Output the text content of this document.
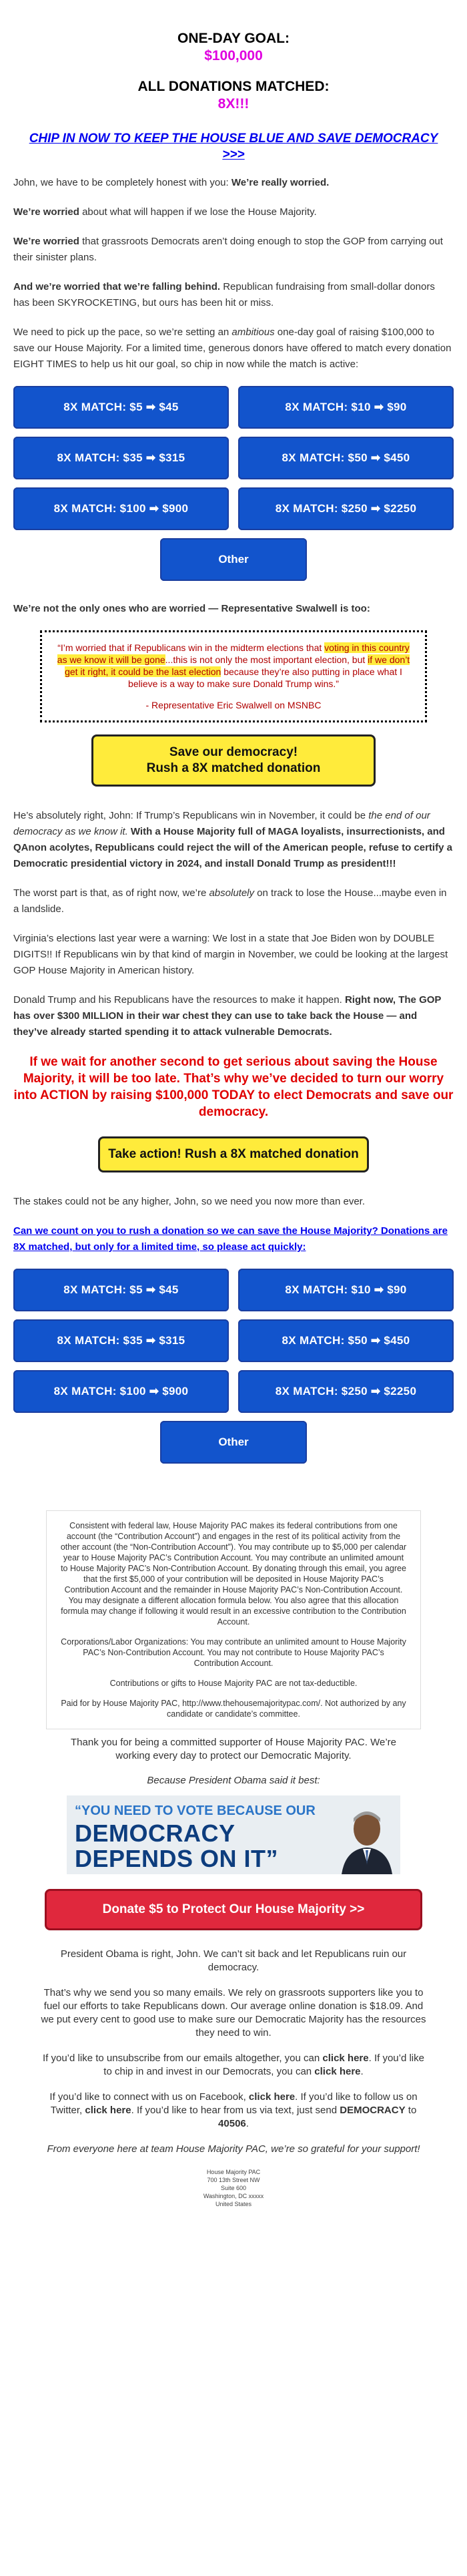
ONE-DAY GOAL:
$100,000
ALL DONATIONS MATCHED:
8X!!!
CHIP IN NOW TO KEEP THE HOUSE BLUE AND SAVE DEMOCRACY >>>

John, we have to be completely honest with you: We’re really worried.

We’re worried about what will happen if we lose the House Majority.

We’re worried that grassroots Democrats aren’t doing enough to stop the GOP from carrying out their sinister plans.

And we’re worried that we’re falling behind. Republican fundraising from small-dollar donors has been SKYROCKETING, but ours has been hit or miss.

We need to pick up the pace, so we’re setting an ambitious one-day goal of raising $100,000 to save our House Majority. For a limited time, generous donors have offered to match every donation EIGHT TIMES to help us hit our goal, so chip in now while the match is active:

8X MATCH: $5 ➡ $45	8X MATCH: $10 ➡ $90
8X MATCH: $35 ➡ $315	8X MATCH: $50 ➡ $450
8X MATCH: $100 ➡ $900	8X MATCH: $250 ➡ $2250
Other

We’re not the only ones who are worried — Representative Swalwell is too:

“I’m worried that if Republicans win in the midterm elections that voting in this country as we know it will be gone...this is not only the most important election, but if we don’t get it right, it could be the last election because they’re also putting in place what I believe is a way to make sure Donald Trump wins.”
- Representative Eric Swalwell on MSNBC
Save our democracy!
Rush a 8X matched donation

He’s absolutely right, John: If Trump’s Republicans win in November, it could be the end of our democracy as we know it. With a House Majority full of MAGA loyalists, insurrectionists, and QAnon acolytes, Republicans could reject the will of the American people, refuse to certify a Democratic presidential victory in 2024, and install Donald Trump as president!!!

The worst part is that, as of right now, we’re absolutely on track to lose the House...maybe even in a landslide.

Virginia’s elections last year were a warning: We lost in a state that Joe Biden won by DOUBLE DIGITS!! If Republicans win by that kind of margin in November, we could be looking at the largest GOP House Majority in American history.

Donald Trump and his Republicans have the resources to make it happen. Right now, The GOP has over $300 MILLION in their war chest they can use to take back the House — and they’ve already started spending it to attack vulnerable Democrats.

If we wait for another second to get serious about saving the House Majority, it will be too late. That’s why we’ve decided to turn our worry into ACTION by raising $100,000 TODAY to elect Democrats and save our democracy.
Take action! Rush a 8X matched donation

The stakes could not be any higher, John, so we need you now more than ever.

Can we count on you to rush a donation so we can save the House Majority? Donations are 8X matched, but only for a limited time, so please act quickly:

8X MATCH: $5 ➡ $45	8X MATCH: $10 ➡ $90
8X MATCH: $35 ➡ $315	8X MATCH: $50 ➡ $450
8X MATCH: $100 ➡ $900	8X MATCH: $250 ➡ $2250
Other

Consistent with federal law, House Majority PAC makes its federal contributions from one account (the “Contribution Account”) and engages in the rest of its political activity from the other account (the “Non-Contribution Account”). You may contribute up to $5,000 per calendar year to House Majority PAC’s Contribution Account. You may contribute an unlimited amount to House Majority PAC’s Non-Contribution Account. By donating through this email, you agree that the first $5,000 of your contribution will be deposited in House Majority PAC’s Contribution Account and the remainder in House Majority PAC’s Non-Contribution Account. You may designate a different allocation formula below. You also agree that this allocation formula may change if following it would result in an excessive contribution to the Contribution Account.

Corporations/Labor Organizations: You may contribute an unlimited amount to House Majority PAC’s Non-Contribution Account. You may not contribute to House Majority PAC’s Contribution Account.

Contributions or gifts to House Majority PAC are not tax-deductible.

Paid for by House Majority PAC, http://www.thehousemajoritypac.com/. Not authorized by any candidate or candidate’s committee.

Thank you for being a committed supporter of House Majority PAC. We’re working every day to protect our Democratic Majority.
Because President Obama said it best:
“YOU NEED TO VOTE BECAUSE OUR
DEMOCRACY
DEPENDS ON IT”
Donate $5 to Protect Our House Majority >>
President Obama is right, John. We can’t sit back and let Republicans ruin our democracy.
That’s why we send you so many emails. We rely on grassroots supporters like you to fuel our efforts to take Republicans down. Our average online donation is $18.09. And we put every cent to good use to make sure our Democratic Majority has the resources they need to win.
If you’d like to unsubscribe from our emails altogether, you can click here. If you’d like to chip in and invest in our Democrats, you can click here.
If you’d like to connect with us on Facebook, click here. If you’d like to follow us on Twitter, click here. If you’d like to hear from us via text, just send DEMOCRACY to 40506.
From everyone here at team House Majority PAC, we’re so grateful for your support!
House Majority PAC
700 13th Street NW
Suite 600
Washington, DC xxxxx
United States
